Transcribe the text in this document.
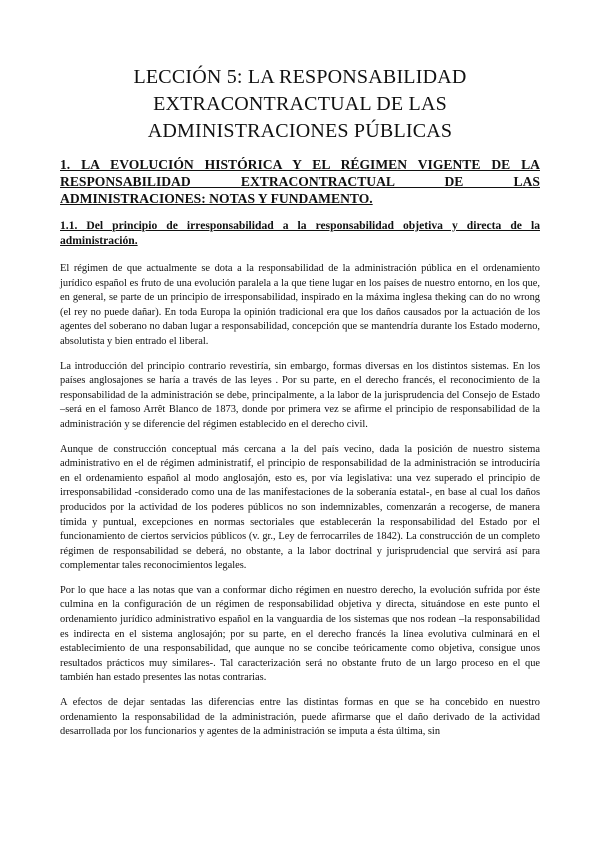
LECCIÓN 5: LA RESPONSABILIDAD EXTRACONTRACTUAL DE LAS ADMINISTRACIONES PÚBLICAS
1. LA EVOLUCIÓN HISTÓRICA Y EL RÉGIMEN VIGENTE DE LA RESPONSABILIDAD EXTRACONTRACTUAL DE LAS ADMINISTRACIONES: NOTAS Y FUNDAMENTO.
1.1. Del principio de irresponsabilidad a la responsabilidad objetiva y directa de la administración.

El régimen de que actualmente se dota a la responsabilidad de la administración pública en el ordenamiento jurídico español es fruto de una evolución paralela a la que tiene lugar en los países de nuestro entorno, en los que, en general, se parte de un principio de irresponsabilidad, inspirado en la máxima inglesa theking can do no wrong (el rey no puede dañar). En toda Europa la opinión tradicional era que los daños causados por la actuación de los agentes del soberano no daban lugar a responsabilidad, concepción que se mantendría durante los Estado moderno, absolutista y bien entrado el liberal.

La introducción del principio contrario revestiría, sin embargo, formas diversas en los distintos sistemas. En los países anglosajones se haría a través de las leyes . Por su parte, en el derecho francés, el reconocimiento de la responsabilidad de la administración se debe, principalmente, a la labor de la jurisprudencia del Consejo de Estado –será en el famoso Arrêt Blanco de 1873, donde por primera vez se afirme el principio de responsabilidad de la administración y se diferencie del régimen establecido en el derecho civil.

Aunque de construcción conceptual más cercana a la del país vecino, dada la posición de nuestro sistema administrativo en el de régimen administratif, el principio de responsabilidad de la administración se introduciría en el ordenamiento español al modo anglosajón, esto es, por vía legislativa: una vez superado el principio de irresponsabilidad -considerado como una de las manifestaciones de la soberanía estatal-, en base al cual los daños producidos por la actividad de los poderes públicos no son indemnizables, comenzarán a recogerse, de manera tímida y puntual, excepciones en normas sectoriales que establecerán la responsabilidad del Estado por el funcionamiento de ciertos servicios públicos (v. gr., Ley de ferrocarriles de 1842). La construcción de un completo régimen de responsabilidad se deberá, no obstante, a la labor doctrinal y jurisprudencial que servirá así para complementar tales reconocimientos legales.

Por lo que hace a las notas que van a conformar dicho régimen en nuestro derecho, la evolución sufrida por éste culmina en la configuración de un régimen de responsabilidad objetiva y directa, situándose en este punto el ordenamiento jurídico administrativo español en la vanguardia de los sistemas que nos rodean –la responsabilidad es indirecta en el sistema anglosajón; por su parte, en el derecho francés la línea evolutiva culminará en el establecimiento de una responsabilidad, que aunque no se concibe teóricamente como objetiva, consigue unos resultados prácticos muy similares-. Tal caracterización será no obstante fruto de un largo proceso en el que también han estado presentes las notas contrarias.

A efectos de dejar sentadas las diferencias entre las distintas formas en que se ha concebido en nuestro ordenamiento la responsabilidad de la administración, puede afirmarse que el daño derivado de la actividad desarrollada por los funcionarios y agentes de la administración se imputa a ésta última, sin
